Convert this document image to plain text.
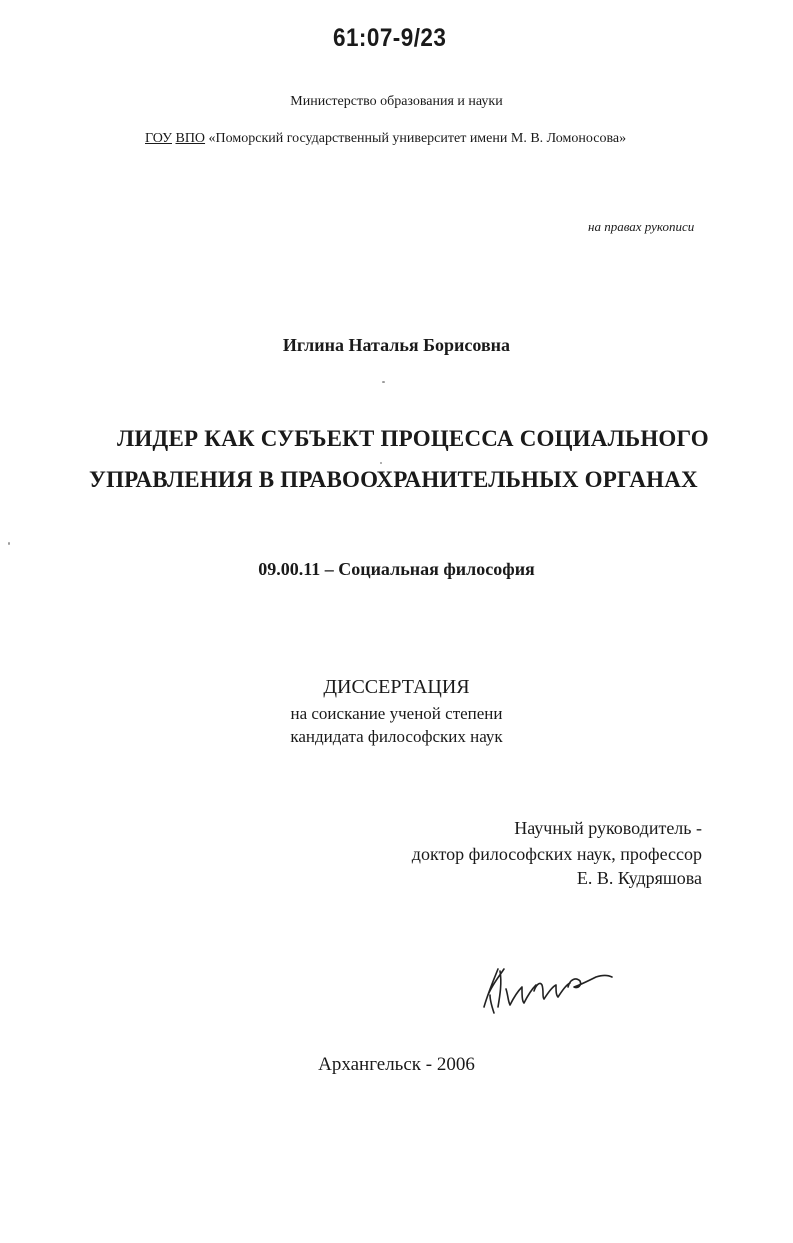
61:07-9/23
Министерство образования и науки
ГОУ ВПО «Поморский государственный университет имени М. В. Ломоносова»
на правах рукописи
Иглина Наталья Борисовна
ЛИДЕР КАК СУБЪЕКТ ПРОЦЕССА СОЦИАЛЬНОГО
УПРАВЛЕНИЯ В ПРАВООХРАНИТЕЛЬНЫХ ОРГАНАХ
09.00.11 – Социальная философия
ДИССЕРТАЦИЯ
на соискание ученой степени
кандидата философских наук
Научный руководитель -
доктор философских наук, профессор
Е. В. Кудряшова
Архангельск - 2006
